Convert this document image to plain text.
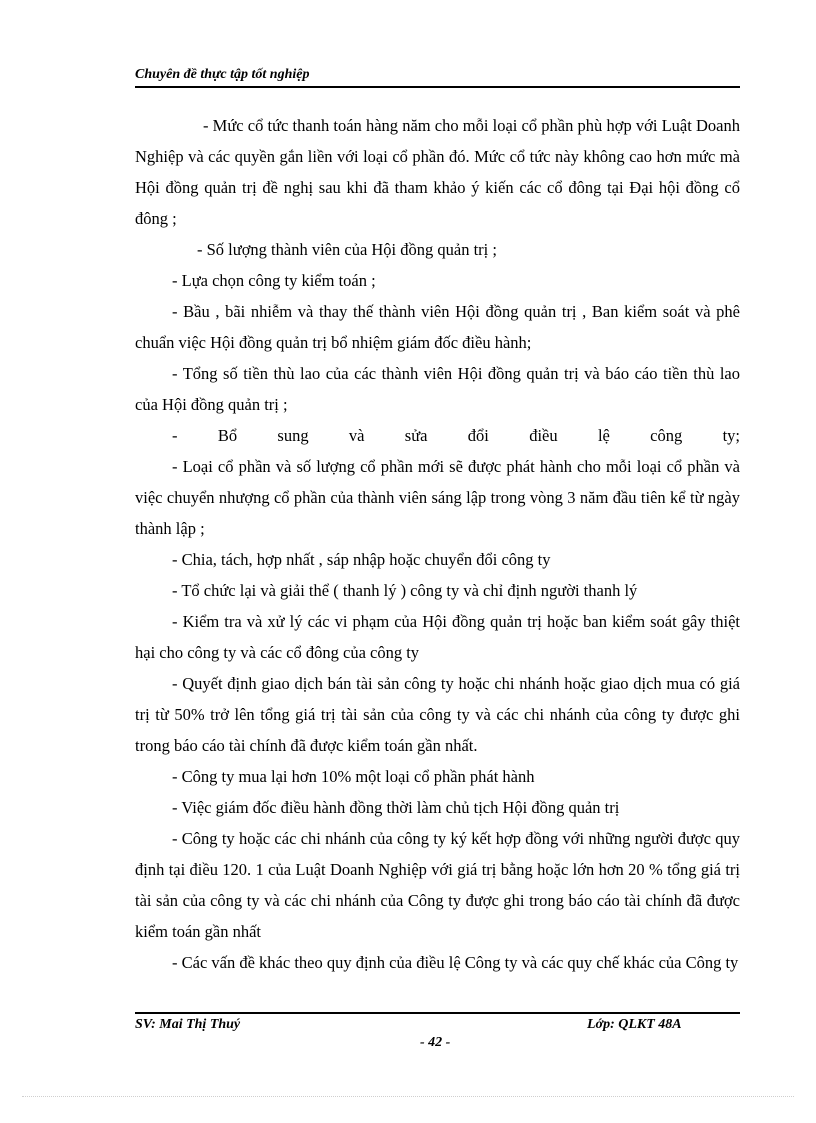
Chuyên đề thực tập tốt nghiệp

- Mức cổ tức thanh toán hàng năm cho mỗi loại cổ phần phù hợp với Luật Doanh Nghiệp và các quyền gắn liền với loại cổ phần đó. Mức cổ tức này không cao hơn mức mà Hội đồng quản trị đề nghị sau khi đã tham khảo ý kiến các cổ đông tại Đại hội đồng cổ đông ;

- Số lượng thành viên của Hội đồng quản trị ;

- Lựa chọn công ty kiểm toán ;

- Bầu , bãi nhiễm và thay thế thành viên Hội đồng quản trị , Ban kiểm soát và phê chuẩn việc Hội đồng quản trị bổ nhiệm giám đốc điều hành;

- Tổng số tiền thù lao của các thành viên Hội đồng quản trị và báo cáo tiền thù lao của Hội đồng quản trị ;

- Bổ sung và sửa đổi điều lệ công ty;

- Loại cổ phần và số lượng cổ phần mới sẽ được phát hành cho mỗi loại cổ phần và việc chuyển nhượng cổ phần của thành viên sáng lập trong vòng 3 năm đầu tiên kể từ ngày thành lập ;

- Chia, tách, hợp nhất , sáp nhập hoặc chuyển đổi công ty

- Tổ chức lại và giải thể ( thanh lý ) công ty và chỉ định người thanh lý

- Kiểm tra và xử lý các vi phạm của Hội đồng quản trị hoặc ban kiểm soát gây thiệt hại cho công ty và các cổ đông của công ty

- Quyết định giao dịch bán tài sản công ty hoặc chi nhánh hoặc giao dịch mua có giá trị từ 50% trở lên tổng giá trị tài sản của công ty và các chi nhánh của công ty được ghi trong báo cáo tài chính đã được kiểm toán gần nhất.

- Công ty mua lại hơn 10% một loại cổ phần phát hành

- Việc giám đốc điều hành đồng thời làm chủ tịch Hội đồng quản trị

- Công ty hoặc các chi nhánh của công ty ký kết hợp đồng với những người được quy định tại điều 120. 1 của Luật Doanh Nghiệp với giá trị bằng hoặc lớn hơn 20 % tổng giá trị tài sản của công ty và các chi nhánh của Công ty được ghi trong báo cáo tài chính đã được kiểm toán gần nhất

- Các vấn đề khác theo quy định của điều lệ Công ty và các quy chế khác của Công ty

SV: Mai Thị Thuý	Lớp: QLKT 48A
- 42 -
